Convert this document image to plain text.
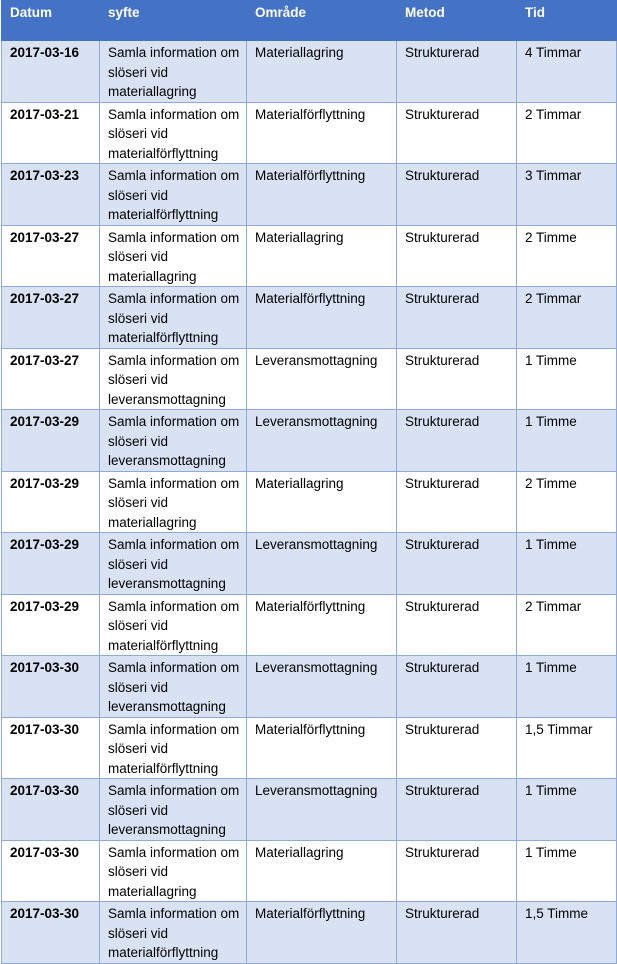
Datum	syfte	Område	Metod	Tid
2017-03-16	Samla information om slöseri vid materiallagring	Materiallagring	Strukturerad	4 Timmar
2017-03-21	Samla information om slöseri vid materialförflyttning	Materialförflyttning	Strukturerad	2 Timmar
2017-03-23	Samla information om slöseri vid materialförflyttning	Materialförflyttning	Strukturerad	3 Timmar
2017-03-27	Samla information om slöseri vid materiallagring	Materiallagring	Strukturerad	2 Timme
2017-03-27	Samla information om slöseri vid materialförflyttning	Materialförflyttning	Strukturerad	2 Timmar
2017-03-27	Samla information om slöseri vid leveransmottagning	Leveransmottagning	Strukturerad	1 Timme
2017-03-29	Samla information om slöseri vid leveransmottagning	Leveransmottagning	Strukturerad	1 Timme
2017-03-29	Samla information om slöseri vid materiallagring	Materiallagring	Strukturerad	2 Timme
2017-03-29	Samla information om slöseri vid leveransmottagning	Leveransmottagning	Strukturerad	1 Timme
2017-03-29	Samla information om slöseri vid materialförflyttning	Materialförflyttning	Strukturerad	2 Timmar
2017-03-30	Samla information om slöseri vid leveransmottagning	Leveransmottagning	Strukturerad	1 Timme
2017-03-30	Samla information om slöseri vid materialförflyttning	Materialförflyttning	Strukturerad	1,5 Timmar
2017-03-30	Samla information om slöseri vid leveransmottagning	Leveransmottagning	Strukturerad	1 Timme
2017-03-30	Samla information om slöseri vid materiallagring	Materiallagring	Strukturerad	1 Timme
2017-03-30	Samla information om slöseri vid materialförflyttning	Materialförflyttning	Strukturerad	1,5 Timme
